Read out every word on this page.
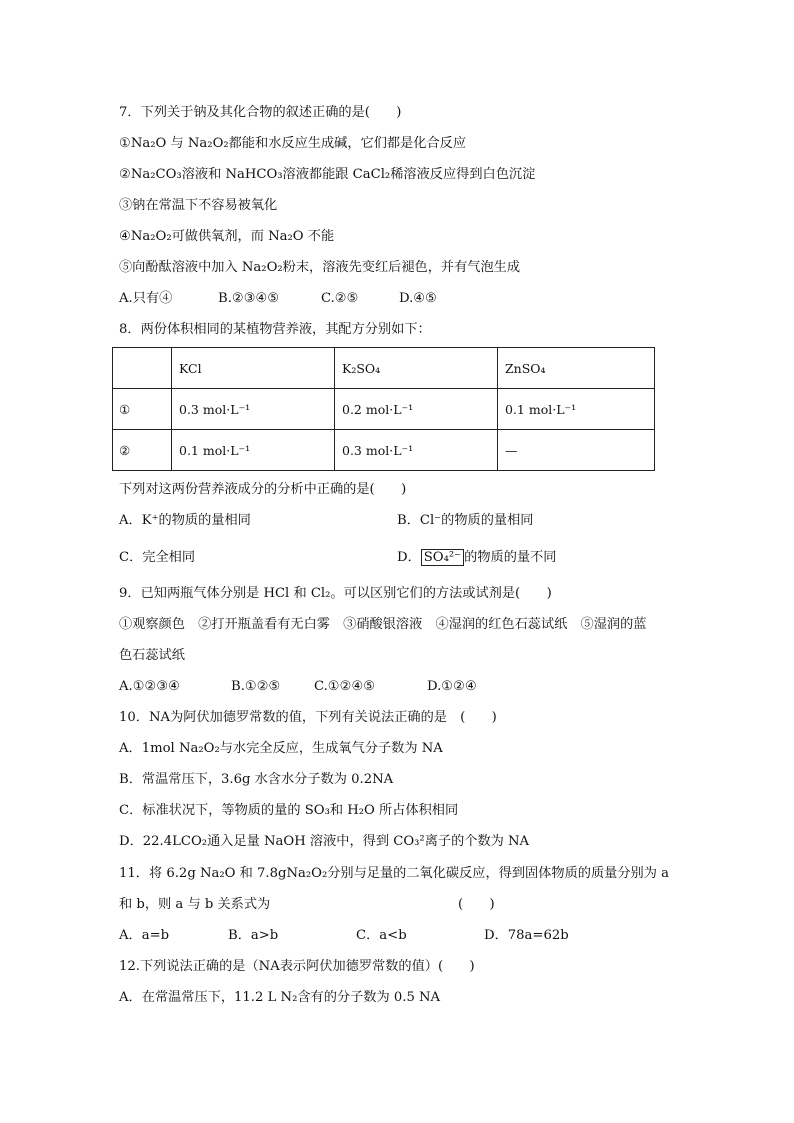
7．下列关于钠及其化合物的叙述正确的是(　　)
①Na₂O 与 Na₂O₂都能和水反应生成碱，它们都是化合反应
②Na₂CO₃溶液和 NaHCO₃溶液都能跟 CaCl₂稀溶液反应得到白色沉淀
③钠在常温下不容易被氧化
④Na₂O₂可做供氧剂，而 Na₂O 不能
⑤向酚酞溶液中加入 Na₂O₂粉末，溶液先变红后褪色，并有气泡生成
A.只有④	B.②③④⑤	C.②⑤	D.④⑤
8．两份体积相同的某植物营养液，其配方分别如下：
	KCl	K₂SO₄	ZnSO₄
①	0.3 mol·L⁻¹	0.2 mol·L⁻¹	0.1 mol·L⁻¹
②	0.1 mol·L⁻¹	0.3 mol·L⁻¹	—
下列对这两份营养液成分的分析中正确的是(　　)
A．K⁺的物质的量相同	B．Cl⁻的物质的量相同
C．完全相同	D． SO₄²⁻ 的物质的量不同
9．已知两瓶气体分别是 HCl 和 Cl₂。可以区别它们的方法或试剂是(　　)
①观察颜色　②打开瓶盖看有无白雾　③硝酸银溶液　④湿润的红色石蕊试纸　⑤湿润的蓝
色石蕊试纸
A.①②③④	B.①②⑤	C.①②④⑤	D.①②④
10．NA为阿伏加德罗常数的值，下列有关说法正确的是　(　　)
A．1mol Na₂O₂与水完全反应，生成氧气分子数为 NA
B．常温常压下，3.6g 水含水分子数为 0.2NA
C．标准状况下，等物质的量的 SO₃和 H₂O 所占体积相同
D．22.4LCO₂通入足量 NaOH 溶液中，得到 CO₃²离子的个数为 NA
11．将 6.2g Na₂O 和 7.8gNa₂O₂分别与足量的二氧化碳反应，得到固体物质的质量分别为 a
和 b，则 a 与 b 关系式为	(　　)
A．a=b	B．a>b	C．a<b	D．78a=62b
12.下列说法正确的是（NA表示阿伏加德罗常数的值）(　　)
A．在常温常压下，11.2 L N₂含有的分子数为 0.5 NA
